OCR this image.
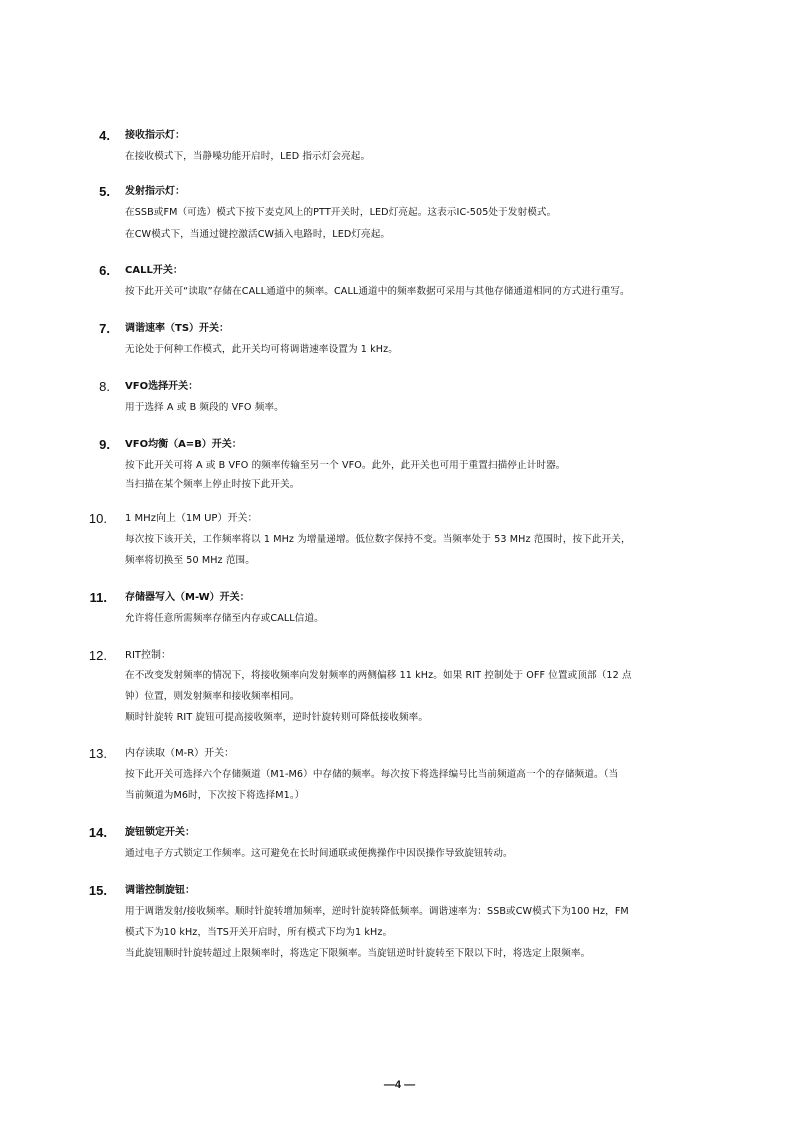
4. 接收指示灯：
在接收模式下，当静噪功能开启时，LED 指示灯会亮起。
5. 发射指示灯：
在SSB或FM（可选）模式下按下麦克风上的PTT开关时，LED灯亮起。这表示IC-505处于发射模式。
在CW模式下，当通过键控激活CW插入电路时，LED灯亮起。
6. CALL开关：
按下此开关可“读取”存储在CALL通道中的频率。CALL通道中的频率数据可采用与其他存储通道相同的方式进行重写。
7. 调谐速率（TS）开关：
无论处于何种工作模式，此开关均可将调谐速率设置为 1 kHz。
8. VFO选择开关：
用于选择 A 或 B 频段的 VFO 频率。
9. VFO均衡（A=B）开关：
按下此开关可将 A 或 B VFO 的频率传输至另一个 VFO。此外，此开关也可用于重置扫描停止计时器。
当扫描在某个频率上停止时按下此开关。
10. 1 MHz向上（1M UP）开关：
每次按下该开关，工作频率将以 1 MHz 为增量递增。低位数字保持不变。当频率处于 53 MHz 范围时，按下此开关，
频率将切换至 50 MHz 范围。
11. 存储器写入（M-W）开关：
允许将任意所需频率存储至内存或CALL信道。
12. RIT控制：
在不改变发射频率的情况下，将接收频率向发射频率的两侧偏移 11 kHz。如果 RIT 控制处于 OFF 位置或顶部（12 点
钟）位置，则发射频率和接收频率相同。
顺时针旋转 RIT 旋钮可提高接收频率，逆时针旋转则可降低接收频率。
13. 内存读取（M-R）开关：
按下此开关可选择六个存储频道（M1-M6）中存储的频率。每次按下将选择编号比当前频道高一个的存储频道。（当
当前频道为M6时，下次按下将选择M1。）
14. 旋钮锁定开关：
通过电子方式锁定工作频率。这可避免在长时间通联或便携操作中因误操作导致旋钮转动。
15. 调谐控制旋钮：
用于调谐发射/接收频率。顺时针旋转增加频率，逆时针旋转降低频率。调谐速率为：SSB或CW模式下为100 Hz，FM
模式下为10 kHz，当TS开关开启时，所有模式下均为1 kHz。
当此旋钮顺时针旋转超过上限频率时，将选定下限频率。当旋钮逆时针旋转至下限以下时，将选定上限频率。
—4 —
